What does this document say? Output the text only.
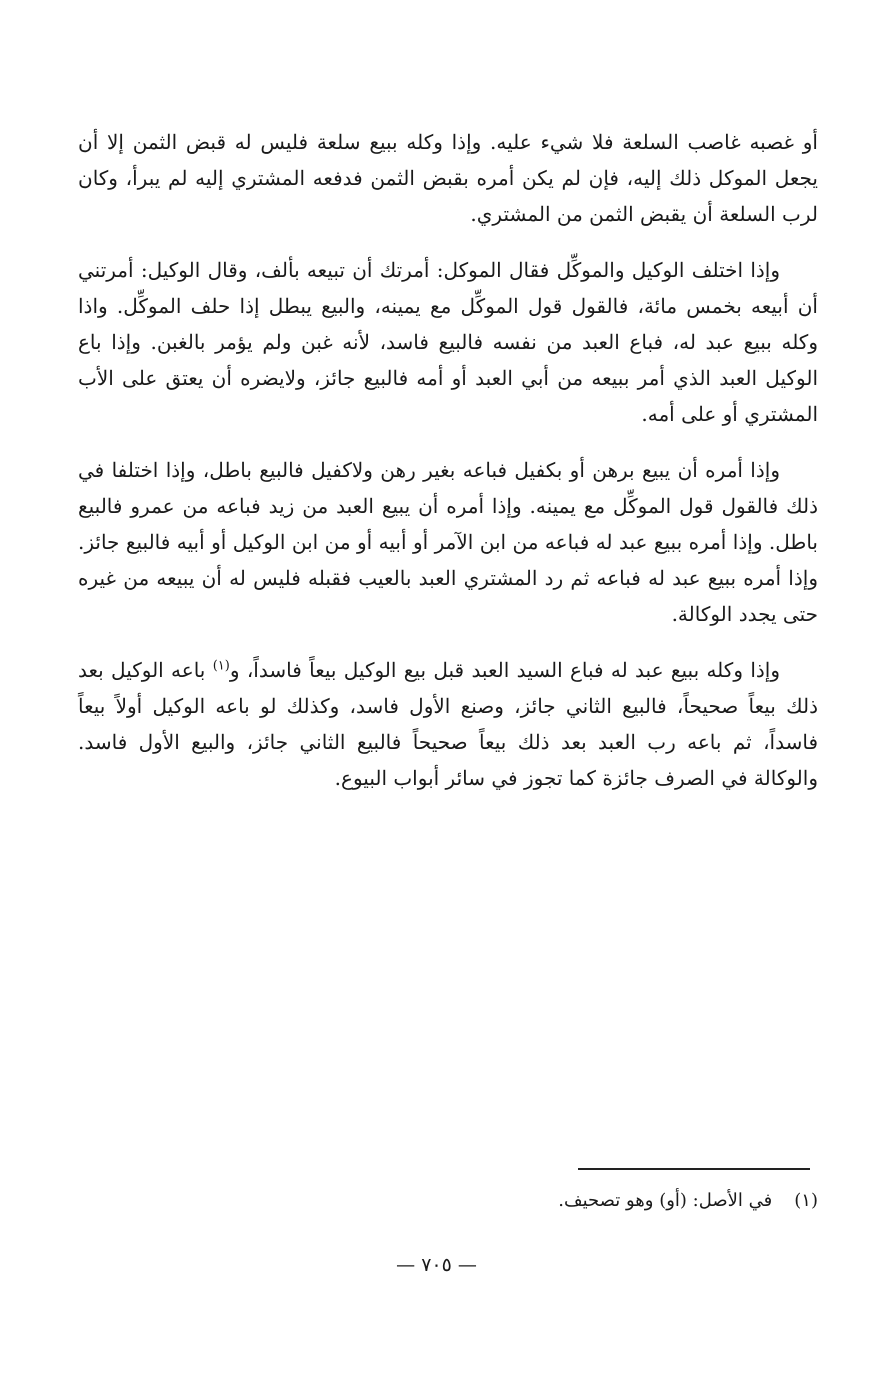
أو غصبه غاصب السلعة فلا شيء عليه. وإذا وكله ببيع سلعة فليس له قبض الثمن إلا أن يجعل الموكل ذلك إليه، فإن لم يكن أمره بقبض الثمن فدفعه المشتري إليه لم يبرأ، وكان لرب السلعة أن يقبض الثمن من المشتري.

وإذا اختلف الوكيل والموكِّل فقال الموكل: أمرتك أن تبيعه بألف، وقال الوكيل: أمرتني أن أبيعه بخمس مائة، فالقول قول الموكِّل مع يمينه، والبيع يبطل إذا حلف الموكِّل. واذا وكله ببيع عبد له، فباع العبد من نفسه فالبيع فاسد، لأنه غبن ولم يؤمر بالغبن. وإذا باع الوكيل العبد الذي أمر ببيعه من أبي العبد أو أمه فالبيع جائز، ولايضره أن يعتق على الأب المشتري أو على أمه.

وإذا أمره أن يبيع برهن أو بكفيل فباعه بغير رهن ولاكفيل فالبيع باطل، وإذا اختلفا في ذلك فالقول قول الموكِّل مع يمينه. وإذا أمره أن يبيع العبد من زيد فباعه من عمرو فالبيع باطل. وإذا أمره ببيع عبد له فباعه من ابن الآمر أو أبيه أو من ابن الوكيل أو أبيه فالبيع جائز. وإذا أمره ببيع عبد له فباعه ثم رد المشتري العبد بالعيب فقبله فليس له أن يبيعه من غيره حتى يجدد الوكالة.

وإذا وكله ببيع عبد له فباع السيد العبد قبل بيع الوكيل بيعاً فاسداً، و$^{(١)}$ باعه الوكيل بعد ذلك بيعاً صحيحاً، فالبيع الثاني جائز، وصنع الأول فاسد، وكذلك لو باعه الوكيل أولاً بيعاً فاسداً، ثم باعه رب العبد بعد ذلك بيعاً صحيحاً فالبيع الثاني جائز، والبيع الأول فاسد. والوكالة في الصرف جائزة كما تجوز في سائر أبواب البيوع.

(١)في الأصل: (أو) وهو تصحيف.
— ٧٠٥ —
